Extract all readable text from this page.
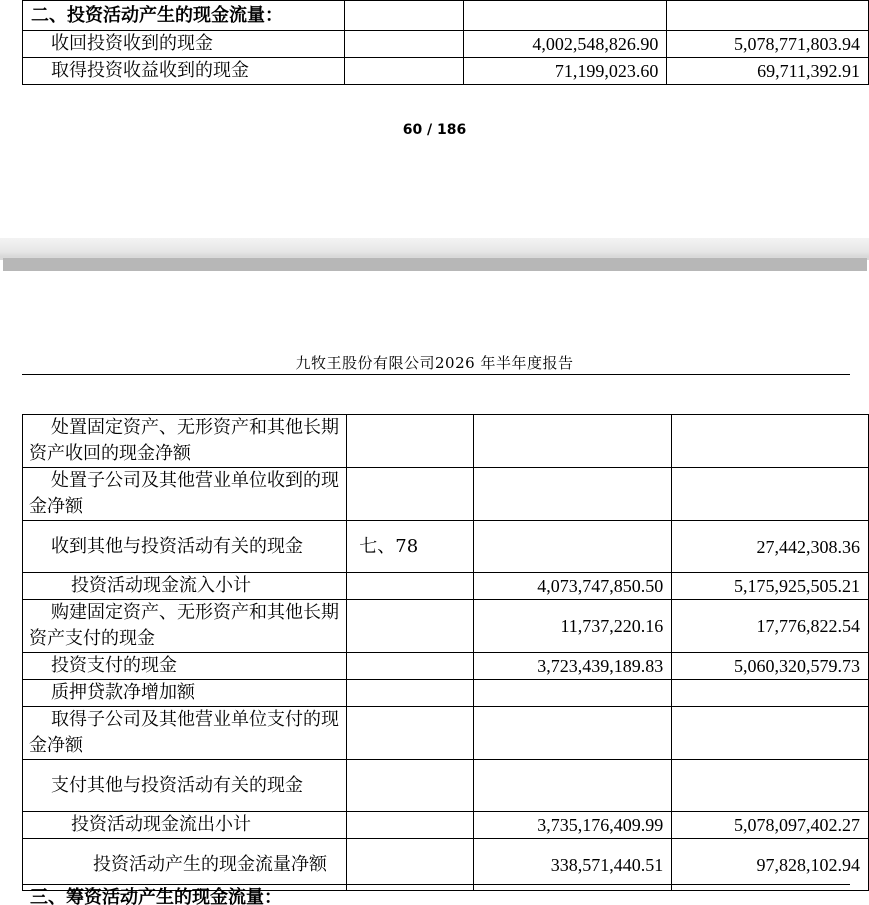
二、投资活动产生的现金流量：			
收回投资收到的现金		4,002,548,826.90	5,078,771,803.94
取得投资收益收到的现金		71,199,023.60	69,711,392.91
60 / 186
九牧王股份有限公司2026 年半年度报告
处置固定资产、无形资产和其他长期资产收回的现金净额			
处置子公司及其他营业单位收到的现金净额			
收到其他与投资活动有关的现金	七、78		27,442,308.36
投资活动现金流入小计		4,073,747,850.50	5,175,925,505.21
购建固定资产、无形资产和其他长期资产支付的现金		11,737,220.16	17,776,822.54
投资支付的现金		3,723,439,189.83	5,060,320,579.73
质押贷款净增加额			
取得子公司及其他营业单位支付的现金净额			
支付其他与投资活动有关的现金			
投资活动现金流出小计		3,735,176,409.99	5,078,097,402.27
投资活动产生的现金流量净额		338,571,440.51	97,828,102.94
三、筹资活动产生的现金流量：
